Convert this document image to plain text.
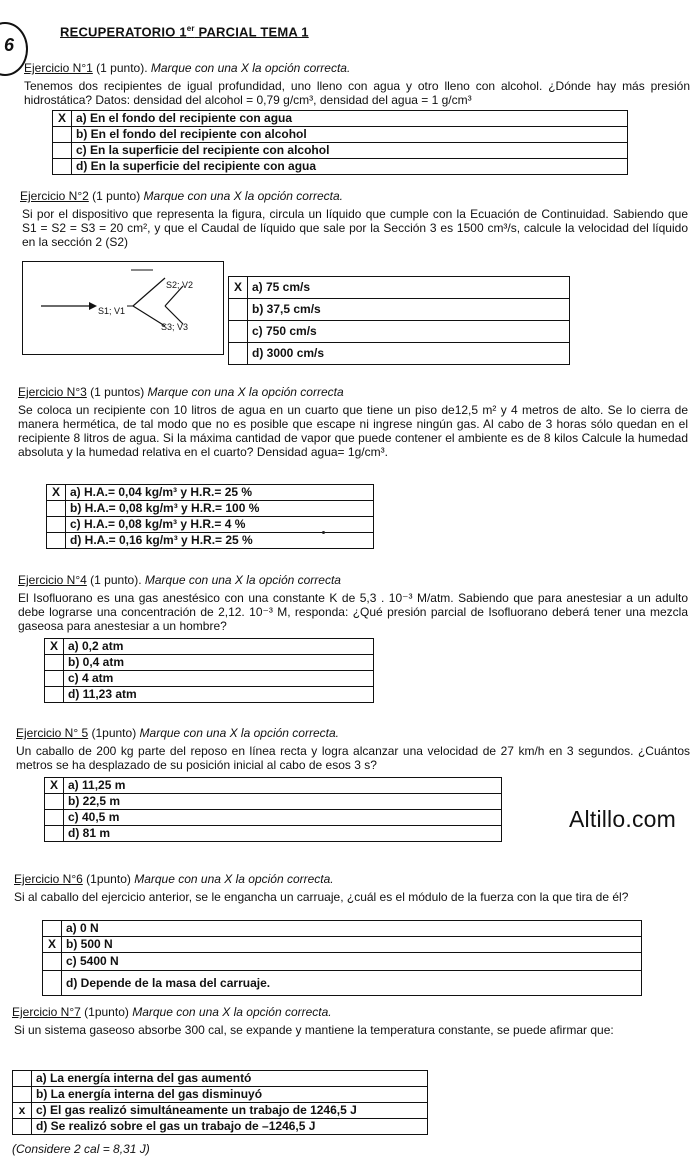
6
RECUPERATORIO 1er PARCIAL TEMA 1
Ejercicio N°1 (1 punto). Marque con una X la opción correcta.
Tenemos dos recipientes de igual profundidad, uno lleno con agua y otro lleno con alcohol. ¿Dónde hay más presión hidrostática? Datos: densidad del alcohol = 0,79 g/cm³, densidad del agua = 1 g/cm³
X	a) En el fondo del recipiente con agua
	b) En el fondo del recipiente con alcohol
	c) En la superficie del recipiente con alcohol
	d) En la superficie del recipiente con agua
Ejercicio N°2 (1 punto) Marque con una X la opción correcta.
Si por el dispositivo que representa la figura, circula un líquido que cumple con la Ecuación de Continuidad. Sabiendo que S1 = S2 = S3 = 20 cm², y que el Caudal de líquido que sale por la Sección 3 es 1500 cm³/s, calcule la velocidad del líquido en la sección 2 (S2)
S1; V1
S2; V2
S3; V3
X	a) 75 cm/s
	b) 37,5 cm/s
	c) 750 cm/s
	d) 3000 cm/s
Ejercicio N°3 (1 puntos) Marque con una X la opción correcta
Se coloca un recipiente con 10 litros de agua en un cuarto que tiene un piso de12,5 m² y 4 metros de alto. Se lo cierra de manera hermética, de tal modo que no es posible que escape ni ingrese ningún gas. Al cabo de 3 horas sólo quedan en el recipiente 8 litros de agua. Si la máxima cantidad de vapor que puede contener el ambiente es de 8 kilos Calcule la humedad absoluta y la humedad relativa en el cuarto? Densidad agua= 1g/cm³.
X	a) H.A.= 0,04 kg/m³ y H.R.= 25 %
	b) H.A.= 0,08 kg/m³ y H.R.= 100 %
	c) H.A.= 0,08 kg/m³ y H.R.= 4 %
	d) H.A.= 0,16 kg/m³ y H.R.= 25 %
Ejercicio N°4 (1 punto). Marque con una X la opción correcta
El Isofluorano es una gas anestésico con una constante K de 5,3 . 10⁻³ M/atm. Sabiendo que para anestesiar a un adulto debe lograrse una concentración de 2,12. 10⁻³ M, responda: ¿Qué presión parcial de Isofluorano deberá tener una mezcla gaseosa para anestesiar a un hombre?
X	a) 0,2 atm
	b) 0,4 atm
	c) 4 atm
	d) 11,23 atm
Ejercicio N° 5 (1punto) Marque con una X la opción correcta.
Un caballo de 200 kg parte del reposo en línea recta y logra alcanzar una velocidad de 27 km/h en 3 segundos. ¿Cuántos metros se ha desplazado de su posición inicial al cabo de esos 3 s?
X	a) 11,25 m
	b) 22,5 m
	c) 40,5 m
	d) 81 m
Altillo.com
Ejercicio N°6 (1punto) Marque con una X la opción correcta.
Si al caballo del ejercicio anterior, se le engancha un carruaje, ¿cuál es el módulo de la fuerza con la que tira de él?
	a) 0 N
X	b) 500 N
	c) 5400 N
	d) Depende de la masa del carruaje.
Ejercicio N°7 (1punto) Marque con una X la opción correcta.
Si un sistema gaseoso absorbe 300 cal, se expande y mantiene la temperatura constante, se puede afirmar que:
	a) La energía interna del gas aumentó
	b) La energía interna del gas disminuyó
x	c) El gas realizó simultáneamente un trabajo de 1246,5 J
	d) Se realizó sobre el gas un trabajo de –1246,5 J
(Considere 2 cal = 8,31 J)
